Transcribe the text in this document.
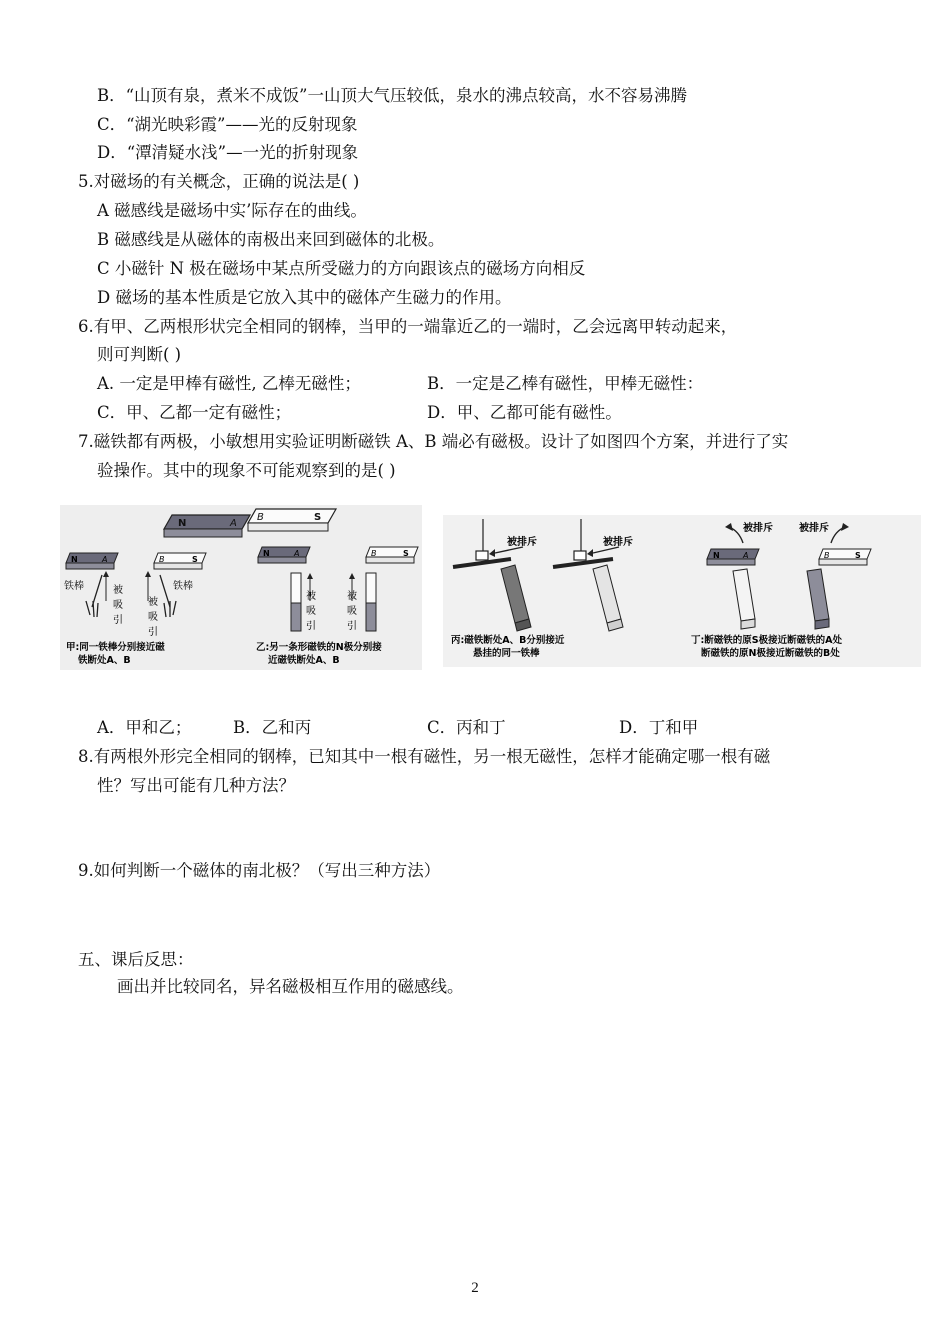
B．“山顶有泉，煮米不成饭”一山顶大气压较低，泉水的沸点较高，水不容易沸腾
C．“湖光映彩霞”——光的反射现象
D．“潭清疑水浅”—一光的折射现象
5.对磁场的有关概念，正确的说法是( )
A 磁感线是磁场中实’际存在的曲线。
B 磁感线是从磁体的南极出来回到磁体的北极。
C 小磁针 N 极在磁场中某点所受磁力的方向跟该点的磁场方向相反
D 磁场的基本性质是它放入其中的磁体产生磁力的作用。
6.有甲、乙两根形状完全相同的钢棒，当甲的一端靠近乙的一端时，乙会远离甲转动起来，
则可判断( )
A. 一定是甲棒有磁性, 乙棒无磁性；	B．一定是乙棒有磁性，甲棒无磁性：
C．甲、乙都一定有磁性；	D．甲、乙都可能有磁性。
7.磁铁都有两极，小敏想用实验证明断磁铁 A、B 端必有磁极。设计了如图四个方案，并进行了实
验操作。其中的现象不可能观察到的是( )
N	A
B	S
N	A	B	S
铁棒	铁棒
被
吸
引
被
吸
引
N	A	B	S
被
吸
引
被
吸
引
甲:同一铁棒分别接近磁
铁断处A、B
乙:另一条形磁铁的N极分别接
近磁铁断处A、B
被排斥	被排斥
丙:磁铁断处A、B分别接近
悬挂的同一铁棒
N	A	B	S
被排斥	被排斥
丁:断磁铁的原S极接近断磁铁的A处
断磁铁的原N极接近断磁铁的B处
A．甲和乙；	B．乙和丙	C．丙和丁	D．丁和甲
8.有两根外形完全相同的钢棒，已知其中一根有磁性，另一根无磁性，怎样才能确定哪一根有磁
性？写出可能有几种方法？
9.如何判断一个磁体的南北极？（写出三种方法）
五、课后反思：
画出并比较同名，异名磁极相互作用的磁感线。
2
